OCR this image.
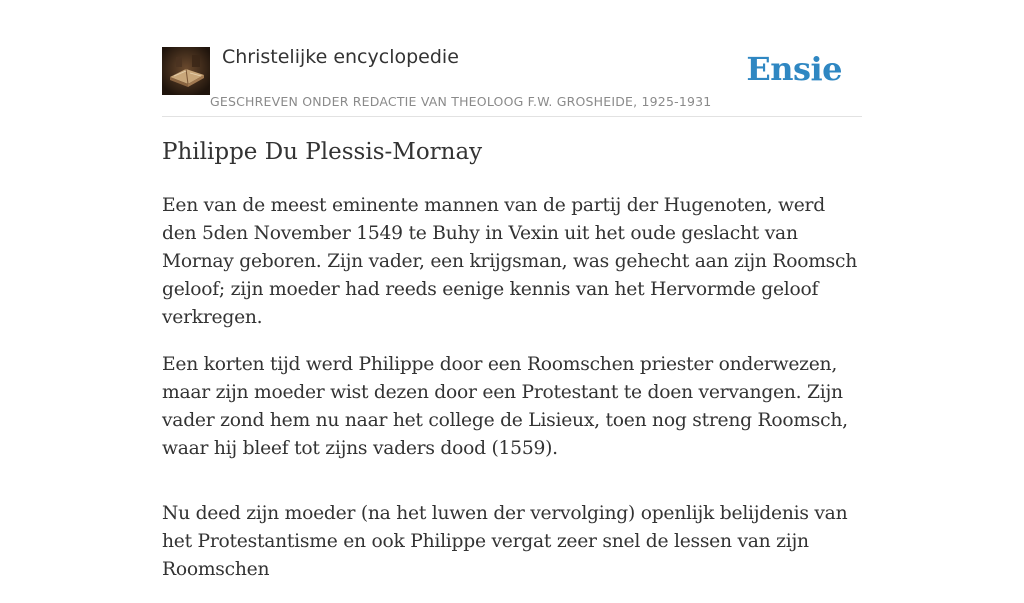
Christelijke encyclopedie
GESCHREVEN ONDER REDACTIE VAN THEOLOOG F.W. GROSHEIDE, 1925-1931
Ensie
Philippe Du Plessis-Mornay

Een van de meest eminente mannen van de partij der Hugenoten, werd den 5den November 1549 te Buhy in Vexin uit het oude geslacht van Mornay geboren. Zijn vader, een krijgsman, was gehecht aan zijn Roomsch geloof; zijn moeder had reeds eenige kennis van het Hervormde geloof verkregen.

Een korten tijd werd Philippe door een Roomschen priester onderwezen, maar zijn moeder wist dezen door een Protestant te doen vervangen. Zijn vader zond hem nu naar het college de Lisieux, toen nog streng Roomsch, waar hij bleef tot zijns vaders dood (1559).

Nu deed zijn moeder (na het luwen der vervolging) openlijk belijdenis van het Protestantisme en ook Philippe vergat zeer snel de lessen van zijn Roomschen
